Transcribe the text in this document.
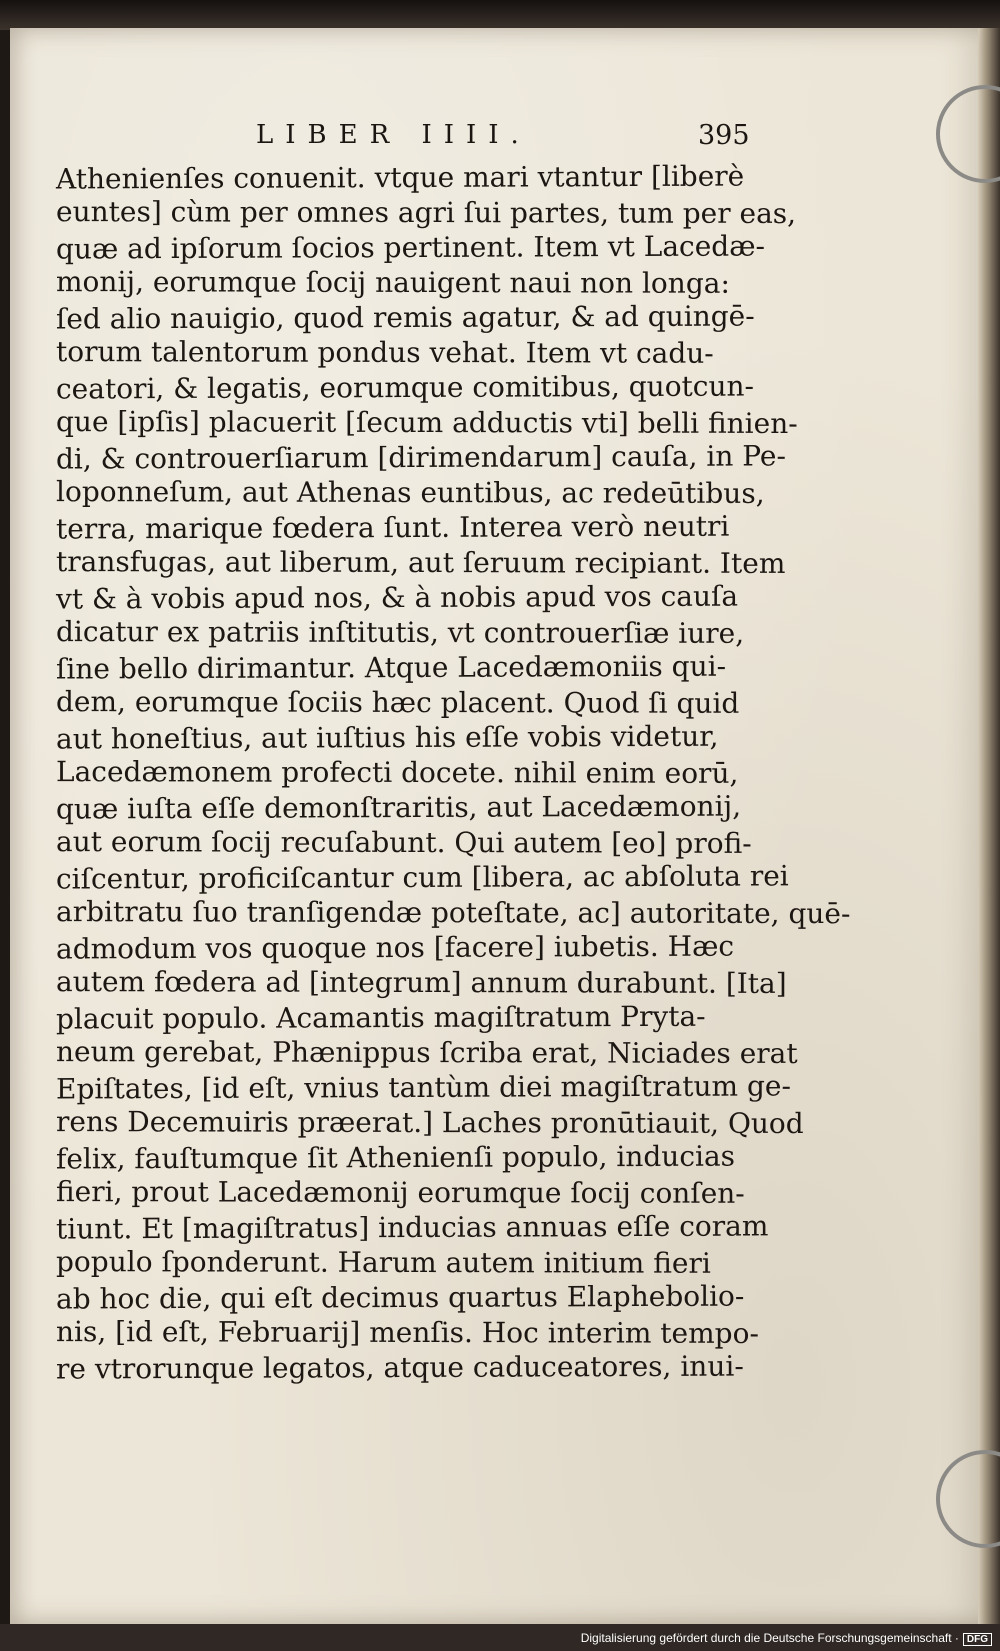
LIBER IIII.	395
Athenienſes conuenit. vtque mari vtantur [liberè
euntes] cùm per omnes agri ſui partes, tum per eas,
quæ ad ipſorum ſocios pertinent. Item vt Lacedæ-
monij, eorumque ſocij nauigent naui non longa:
ſed alio nauigio, quod remis agatur, & ad quingē-
torum talentorum pondus vehat. Item vt cadu-
ceatori, & legatis, eorumque comitibus, quotcun-
que [ipſis] placuerit [ſecum adductis vti] belli finien-
di, & controuerſiarum [dirimendarum] cauſa, in Pe-
loponneſum, aut Athenas euntibus, ac redeūtibus,
terra, marique fœdera ſunt. Interea verò neutri
transfugas, aut liberum, aut ſeruum recipiant. Item
vt & à vobis apud nos, & à nobis apud vos cauſa
dicatur ex patriis inſtitutis, vt controuerſiæ iure,
ſine bello dirimantur. Atque Lacedæmoniis qui-
dem, eorumque ſociis hæc placent. Quod ſi quid
aut honeſtius, aut iuſtius his eſſe vobis videtur,
Lacedæmonem profecti docete. nihil enim eorū,
quæ iuſta eſſe demonſtraritis, aut Lacedæmonij,
aut eorum ſocij recuſabunt. Qui autem [eo] profi-
ciſcentur, proficiſcantur cum [libera, ac abſoluta rei
arbitratu ſuo tranſigendæ poteſtate, ac] autoritate, quē-
admodum vos quoque nos [facere] iubetis. Hæc
autem fœdera ad [integrum] annum durabunt. [Ita]
placuit populo. Acamantis magiſtratum Pryta-
neum gerebat, Phænippus ſcriba erat, Niciades erat
Epiſtates, [id eſt, vnius tantùm diei magiſtratum ge-
rens Decemuiris præerat.] Laches pronūtiauit, Quod
felix, fauſtumque ſit Athenienſi populo, inducias
fieri, prout Lacedæmonij eorumque ſocij conſen-
tiunt. Et [magiſtratus] inducias annuas eſſe coram
populo ſponderunt. Harum autem initium fieri
ab hoc die, qui eſt decimus quartus Elapheboliο-
nis, [id eſt, Februarij] menſis. Hoc interim tempo-
re vtrorunque legatos, atque caduceatores, inui-
Digitalisierung gefördert durch die Deutsche Forschungsgemeinschaft · DFG
